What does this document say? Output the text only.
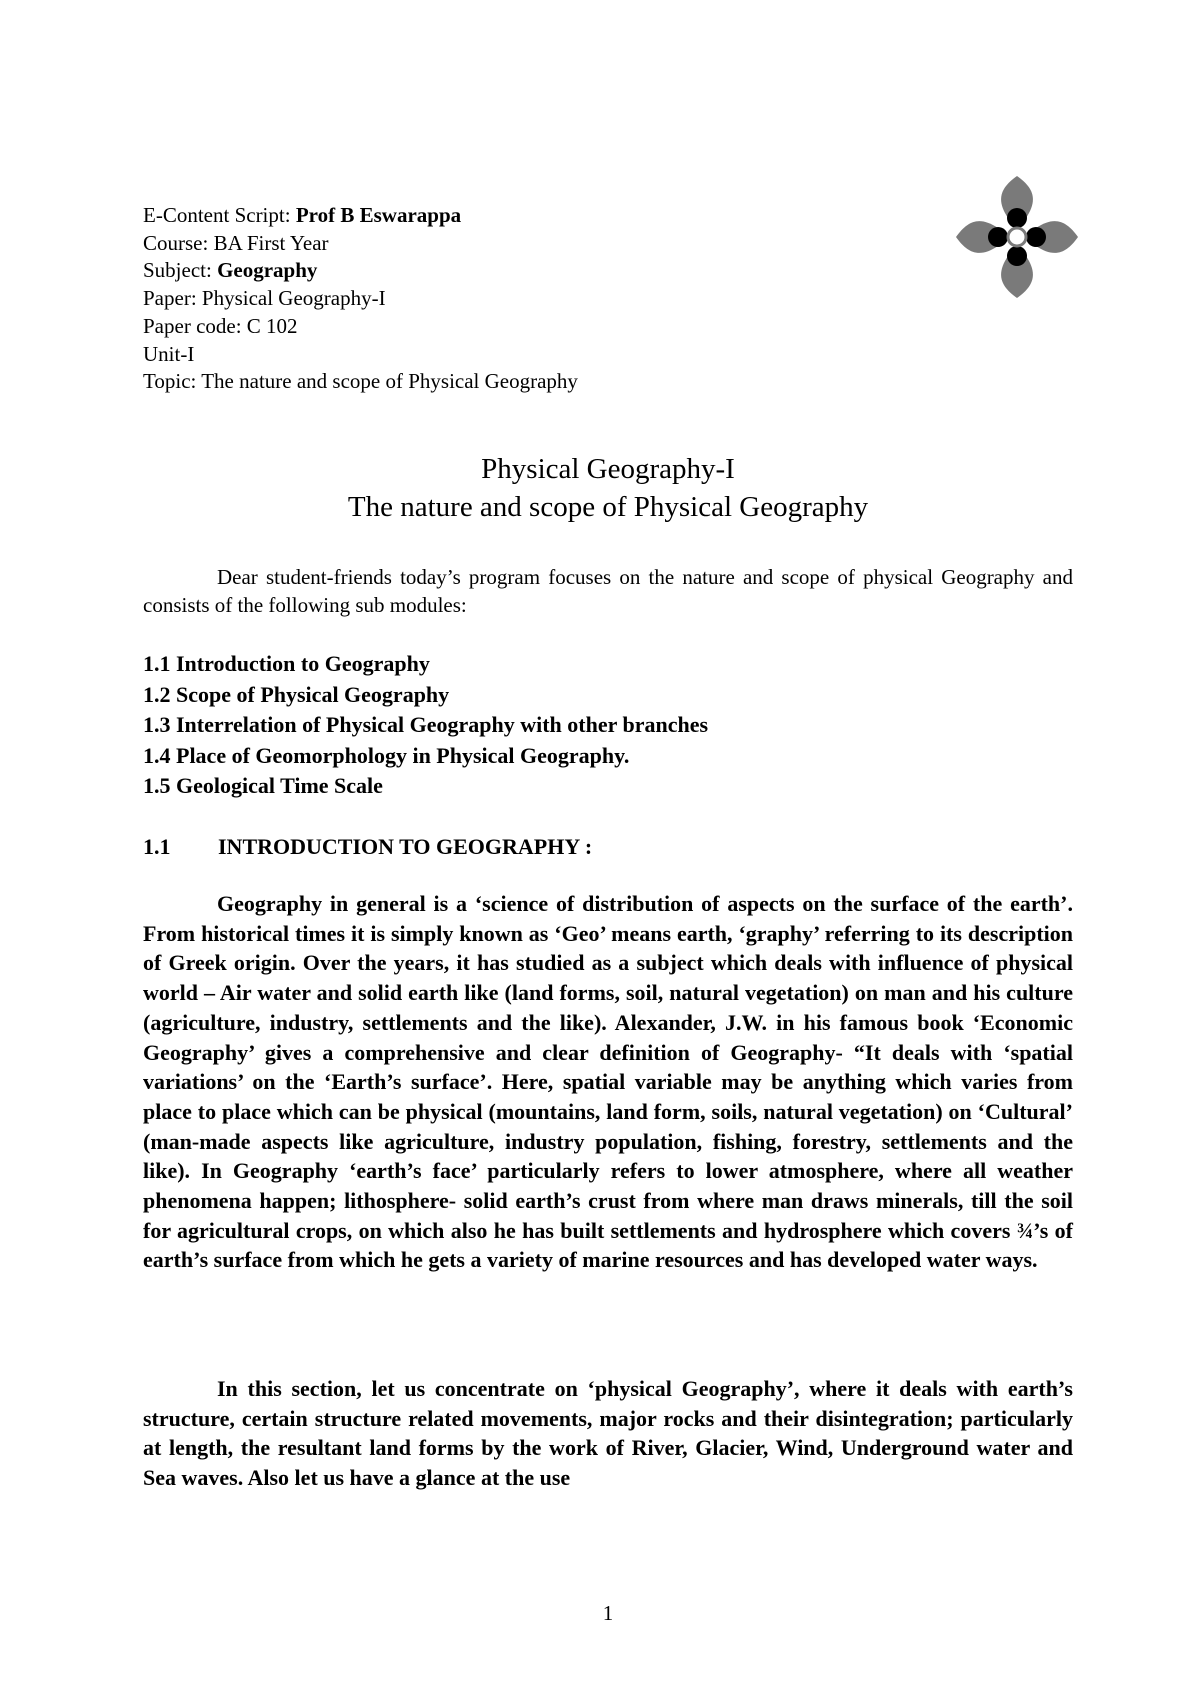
E-Content Script: Prof B Eswarappa
Course: BA First Year
Subject: Geography
Paper: Physical Geography-I
Paper code: C 102
Unit-I
Topic: The nature and scope of Physical Geography
Physical Geography-I
The nature and scope of Physical Geography
Dear student-friends today’s program focuses on the nature and scope of physical Geography and consists of the following sub modules:
1.1 Introduction to Geography
1.2 Scope of Physical Geography
1.3 Interrelation of Physical Geography with other branches
1.4 Place of Geomorphology in Physical Geography.
1.5 Geological Time Scale
1.1 INTRODUCTION TO GEOGRAPHY :
Geography in general is a ‘science of distribution of aspects on the surface of the earth’. From historical times it is simply known as ‘Geo’ means earth, ‘graphy’ referring to its description of Greek origin. Over the years, it has studied as a subject which deals with influence of physical world – Air water and solid earth like (land forms, soil, natural vegetation) on man and his culture (agriculture, industry, settlements and the like). Alexander, J.W. in his famous book ‘Economic Geography’ gives a comprehensive and clear definition of Geography- “It deals with ‘spatial variations’ on the ‘Earth’s surface’. Here, spatial variable may be anything which varies from place to place which can be physical (mountains, land form, soils, natural vegetation) on ‘Cultural’ (man-made aspects like agriculture, industry population, fishing, forestry, settlements and the like). In Geography ‘earth’s face’ particularly refers to lower atmosphere, where all weather phenomena happen; lithosphere- solid earth’s crust from where man draws minerals, till the soil for agricultural crops, on which also he has built settlements and hydrosphere which covers ¾’s of earth’s surface from which he gets a variety of marine resources and has developed water ways.
In this section, let us concentrate on ‘physical Geography’, where it deals with earth’s structure, certain structure related movements, major rocks and their disintegration; particularly at length, the resultant land forms by the work of River, Glacier, Wind, Underground water and Sea waves. Also let us have a glance at the use
1
